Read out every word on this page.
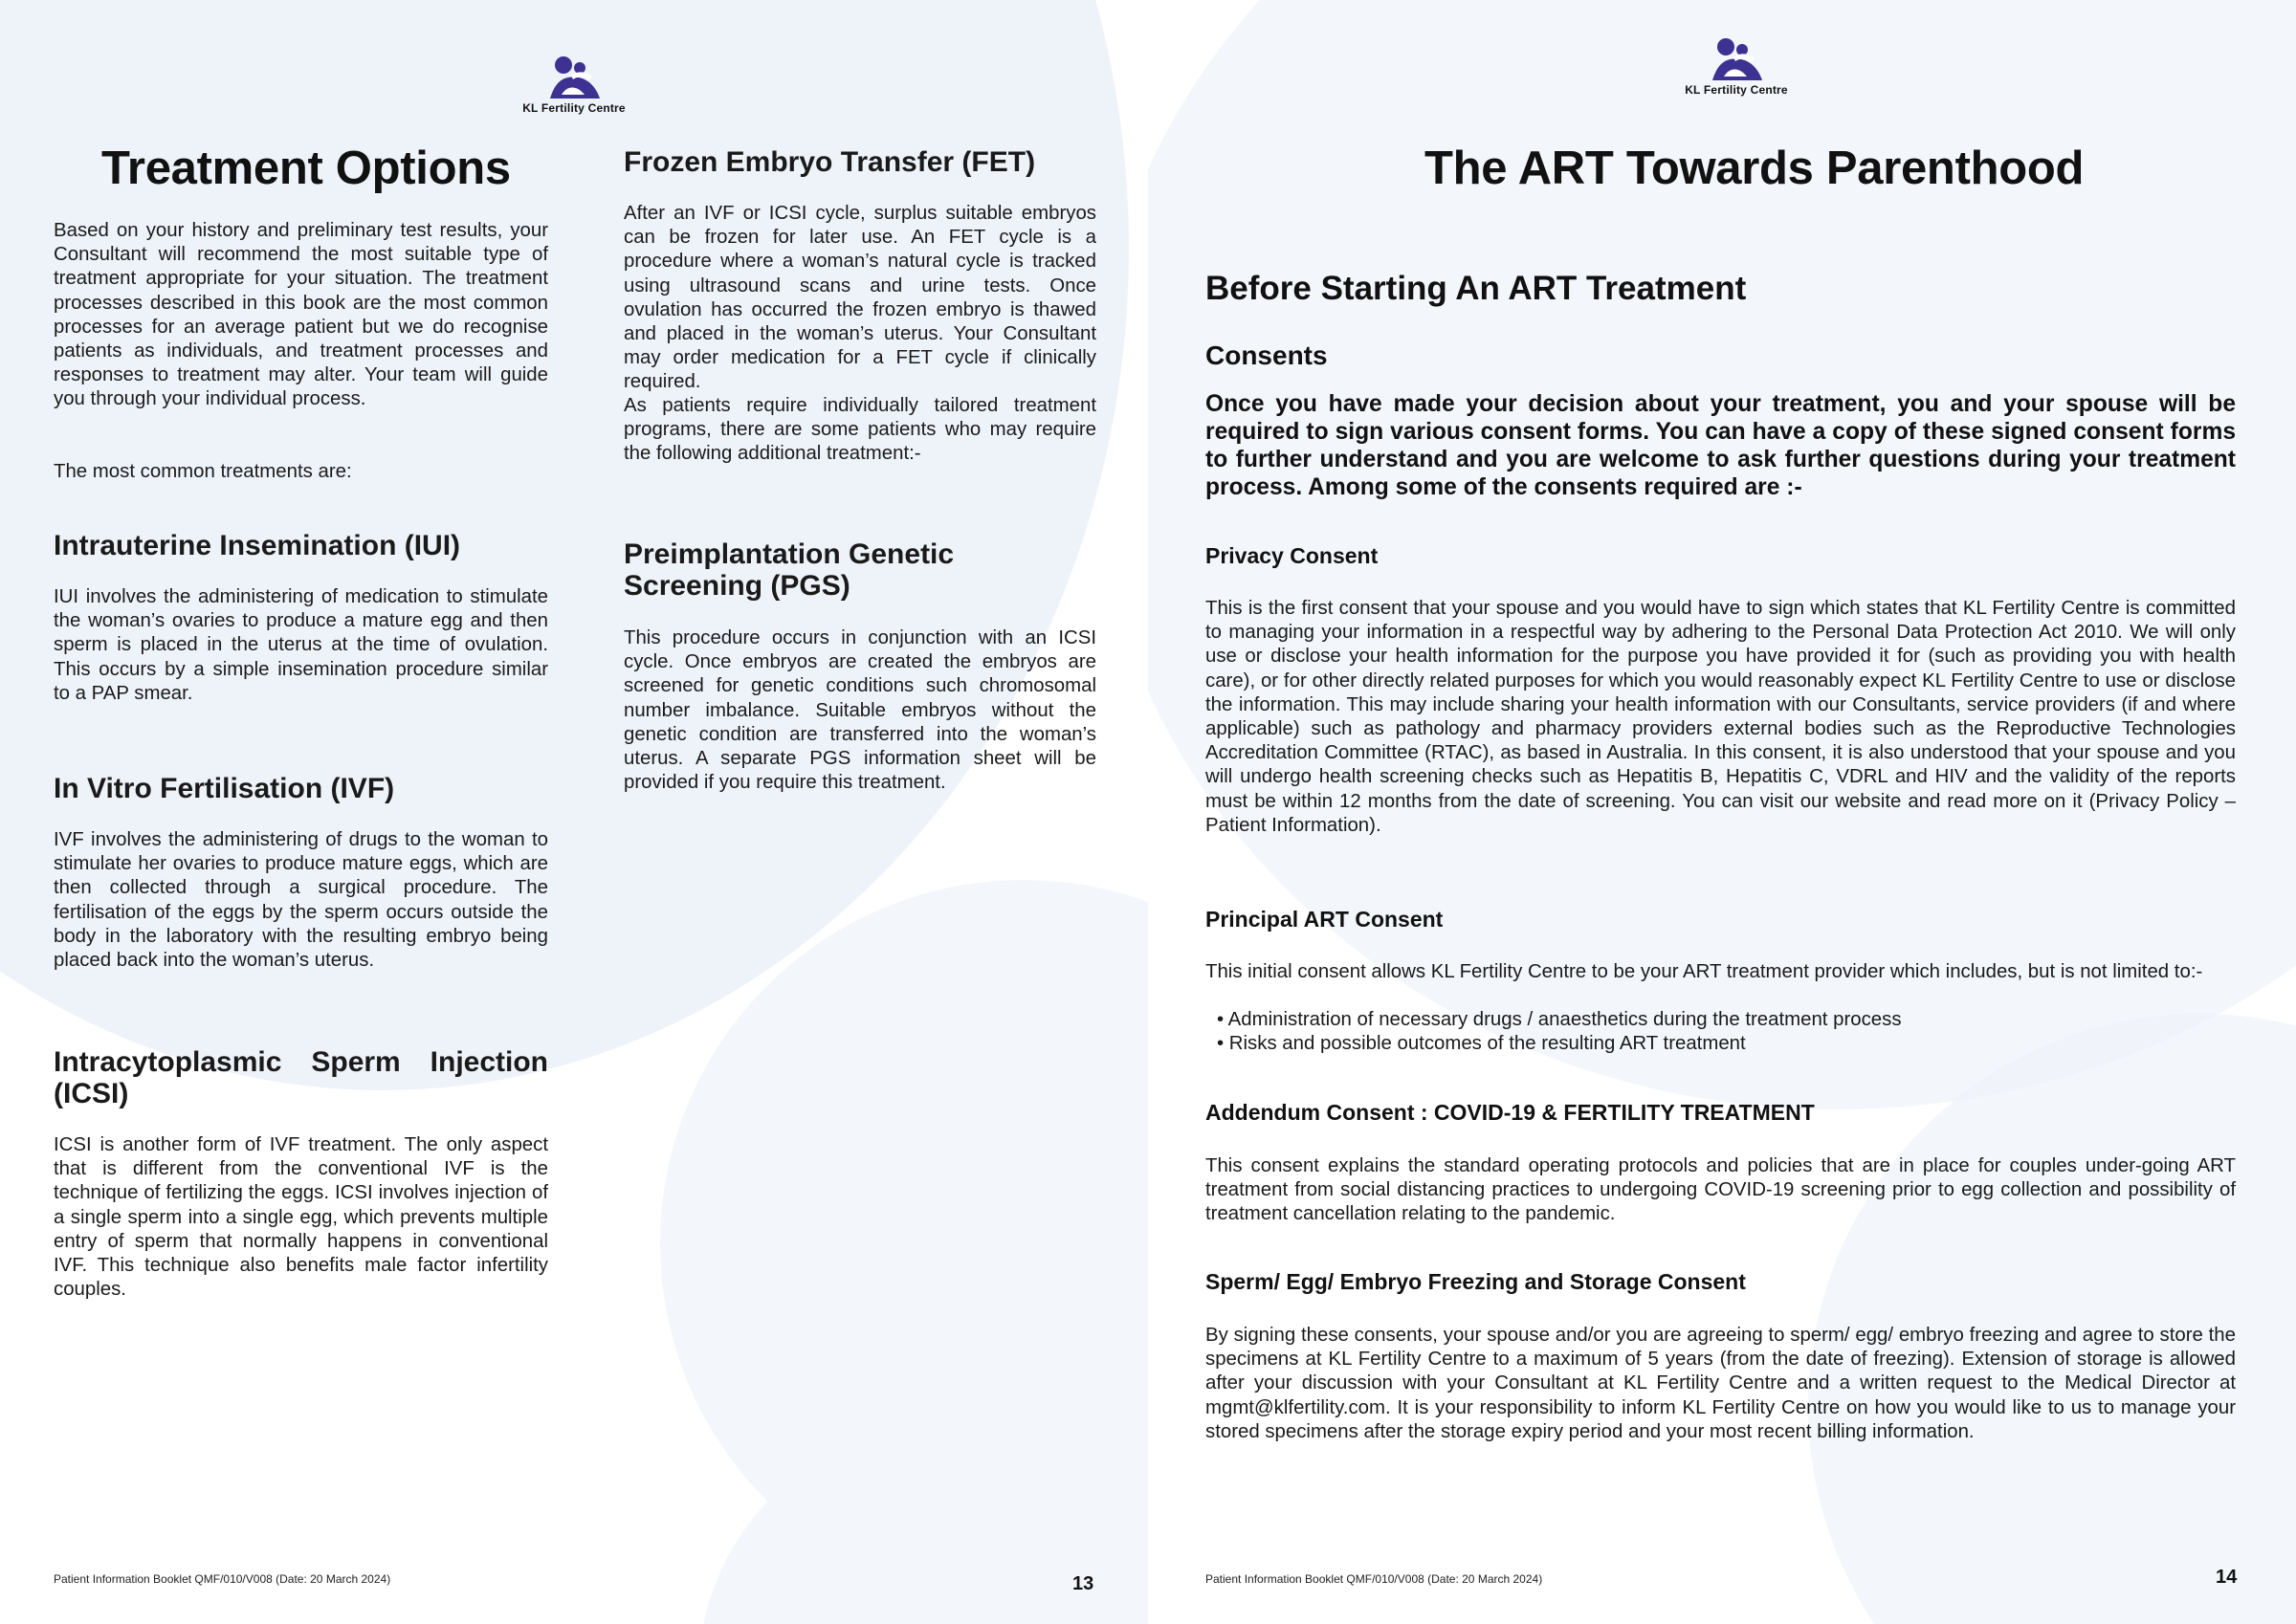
KL Fertility Centre
Treatment Options

Based on your history and preliminary test results, your Consultant will recommend the most suitable type of treatment appropriate for your situation. The treatment processes described in this book are the most common processes for an average patient but we do recognise patients as individuals, and treatment processes and responses to treatment may alter. Your team will guide you through your individual process.

The most common treatments are:

Intrauterine Insemination (IUI)

IUI involves the administering of medication to stimulate the woman’s ovaries to produce a mature egg and then sperm is placed in the uterus at the time of ovulation. This occurs by a simple insemination procedure similar to a PAP smear.

In Vitro Fertilisation (IVF)

IVF involves the administering of drugs to the woman to stimulate her ovaries to produce mature eggs, which are then collected through a surgical procedure. The fertilisation of the eggs by the sperm occurs outside the body in the laboratory with the resulting embryo being placed back into the woman’s uterus.

Intracytoplasmic Sperm Injection (ICSI)

ICSI is another form of IVF treatment. The only aspect that is different from the conventional IVF is the technique of fertilizing the eggs. ICSI involves injection of a single sperm into a single egg, which prevents multiple entry of sperm that normally happens in conventional IVF. This technique also benefits male factor infertility couples.

Frozen Embryo Transfer (FET)

After an IVF or ICSI cycle, surplus suitable embryos can be frozen for later use. An FET cycle is a procedure where a woman’s natural cycle is tracked using ultrasound scans and urine tests. Once ovulation has occurred the frozen embryo is thawed and placed in the woman’s uterus. Your Consultant may order medication for a FET cycle if clinically required.

As patients require individually tailored treatment programs, there are some patients who may require the following additional treatment:-

Preimplantation Genetic Screening (PGS)

This procedure occurs in conjunction with an ICSI cycle. Once embryos are created the embryos are screened for genetic conditions such chromosomal number imbalance. Suitable embryos without the genetic condition are transferred into the woman’s uterus. A separate PGS information sheet will be provided if you require this treatment.

Patient Information Booklet QMF/010/V008 (Date: 20 March 2024)	13
KL Fertility Centre
The ART Towards Parenthood
Before Starting An ART Treatment
Consents

Once you have made your decision about your treatment, you and your spouse will be required to sign various consent forms. You can have a copy of these signed consent forms to further understand and you are welcome to ask further questions during your treatment process. Among some of the consents required are :-

Privacy Consent

This is the first consent that your spouse and you would have to sign which states that KL Fertility Centre is committed to managing your information in a respectful way by adhering to the Personal Data Protection Act 2010. We will only use or disclose your health information for the purpose you have provided it for (such as providing you with health care), or for other directly related purposes for which you would reasonably expect KL Fertility Centre to use or disclose the information. This may include sharing your health information with our Consultants, service providers (if and where applicable) such as pathology and pharmacy providers external bodies such as the Reproductive Technologies Accreditation Committee (RTAC), as based in Australia. In this consent, it is also understood that your spouse and you will undergo health screening checks such as Hepatitis B, Hepatitis C, VDRL and HIV and the validity of the reports must be within 12 months from the date of screening. You can visit our website and read more on it (Privacy Policy – Patient Information).

Principal ART Consent

This initial consent allows KL Fertility Centre to be your ART treatment provider which includes, but is not limited to:-

• Administration of necessary drugs / anaesthetics during the treatment process

• Risks and possible outcomes of the resulting ART treatment

Addendum Consent : COVID-19 & FERTILITY TREATMENT

This consent explains the standard operating protocols and policies that are in place for couples under-going ART treatment from social distancing practices to undergoing COVID-19 screening prior to egg collection and possibility of treatment cancellation relating to the pandemic.

Sperm/ Egg/ Embryo Freezing and Storage Consent

By signing these consents, your spouse and/or you are agreeing to sperm/ egg/ embryo freezing and agree to store the specimens at KL Fertility Centre to a maximum of 5 years (from the date of freezing). Extension of storage is allowed after your discussion with your Consultant at KL Fertility Centre and a written request to the Medical Director at mgmt@klfertility.com. It is your responsibility to inform KL Fertility Centre on how you would like to us to manage your stored specimens after the storage expiry period and your most recent billing information.

Patient Information Booklet QMF/010/V008 (Date: 20 March 2024)	14
